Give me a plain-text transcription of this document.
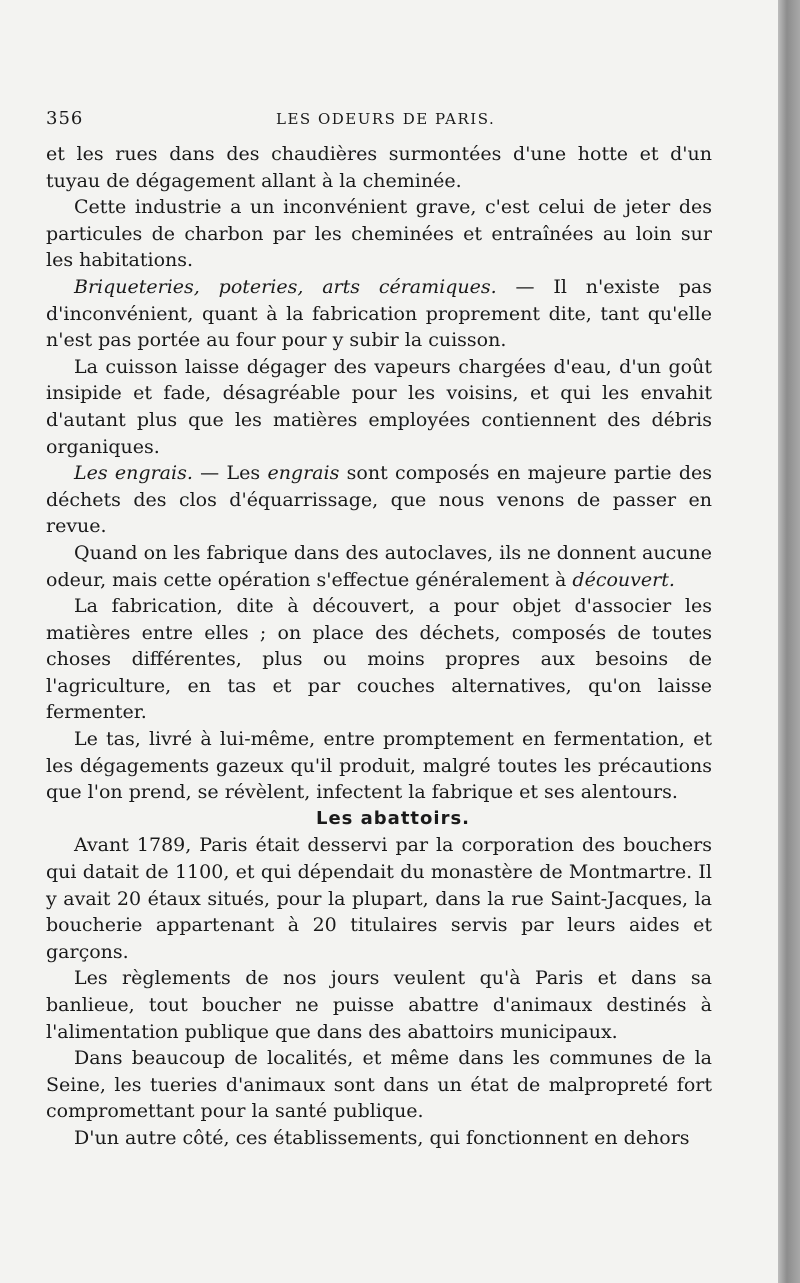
356	LES ODEURS DE PARIS.

et les rues dans des chaudières surmontées d'une hotte et d'un tuyau de dégagement allant à la cheminée.

Cette industrie a un inconvénient grave, c'est celui de jeter des particules de charbon par les cheminées et entraînées au loin sur les habitations.

Briqueteries, poteries, arts céramiques. — Il n'existe pas d'inconvénient, quant à la fabrication proprement dite, tant qu'elle n'est pas portée au four pour y subir la cuisson.

La cuisson laisse dégager des vapeurs chargées d'eau, d'un goût insipide et fade, désagréable pour les voisins, et qui les envahit d'autant plus que les matières employées contiennent des débris organiques.

Les engrais. — Les engrais sont composés en majeure partie des déchets des clos d'équarrissage, que nous venons de passer en revue.

Quand on les fabrique dans des autoclaves, ils ne donnent aucune odeur, mais cette opération s'effectue généralement à découvert.

La fabrication, dite à découvert, a pour objet d'associer les matières entre elles ; on place des déchets, composés de toutes choses différentes, plus ou moins propres aux besoins de l'agriculture, en tas et par couches alternatives, qu'on laisse fermenter.

Le tas, livré à lui-même, entre promptement en fermentation, et les dégagements gazeux qu'il produit, malgré toutes les précautions que l'on prend, se révèlent, infectent la fabrique et ses alentours.

Les abattoirs.

Avant 1789, Paris était desservi par la corporation des bouchers qui datait de 1100, et qui dépendait du monastère de Montmartre. Il y avait 20 étaux situés, pour la plupart, dans la rue Saint-Jacques, la boucherie appartenant à 20 titulaires servis par leurs aides et garçons.

Les règlements de nos jours veulent qu'à Paris et dans sa banlieue, tout boucher ne puisse abattre d'animaux destinés à l'alimentation publique que dans des abattoirs municipaux.

Dans beaucoup de localités, et même dans les communes de la Seine, les tueries d'animaux sont dans un état de malpropreté fort compromettant pour la santé publique.

D'un autre côté, ces établissements, qui fonctionnent en dehors
